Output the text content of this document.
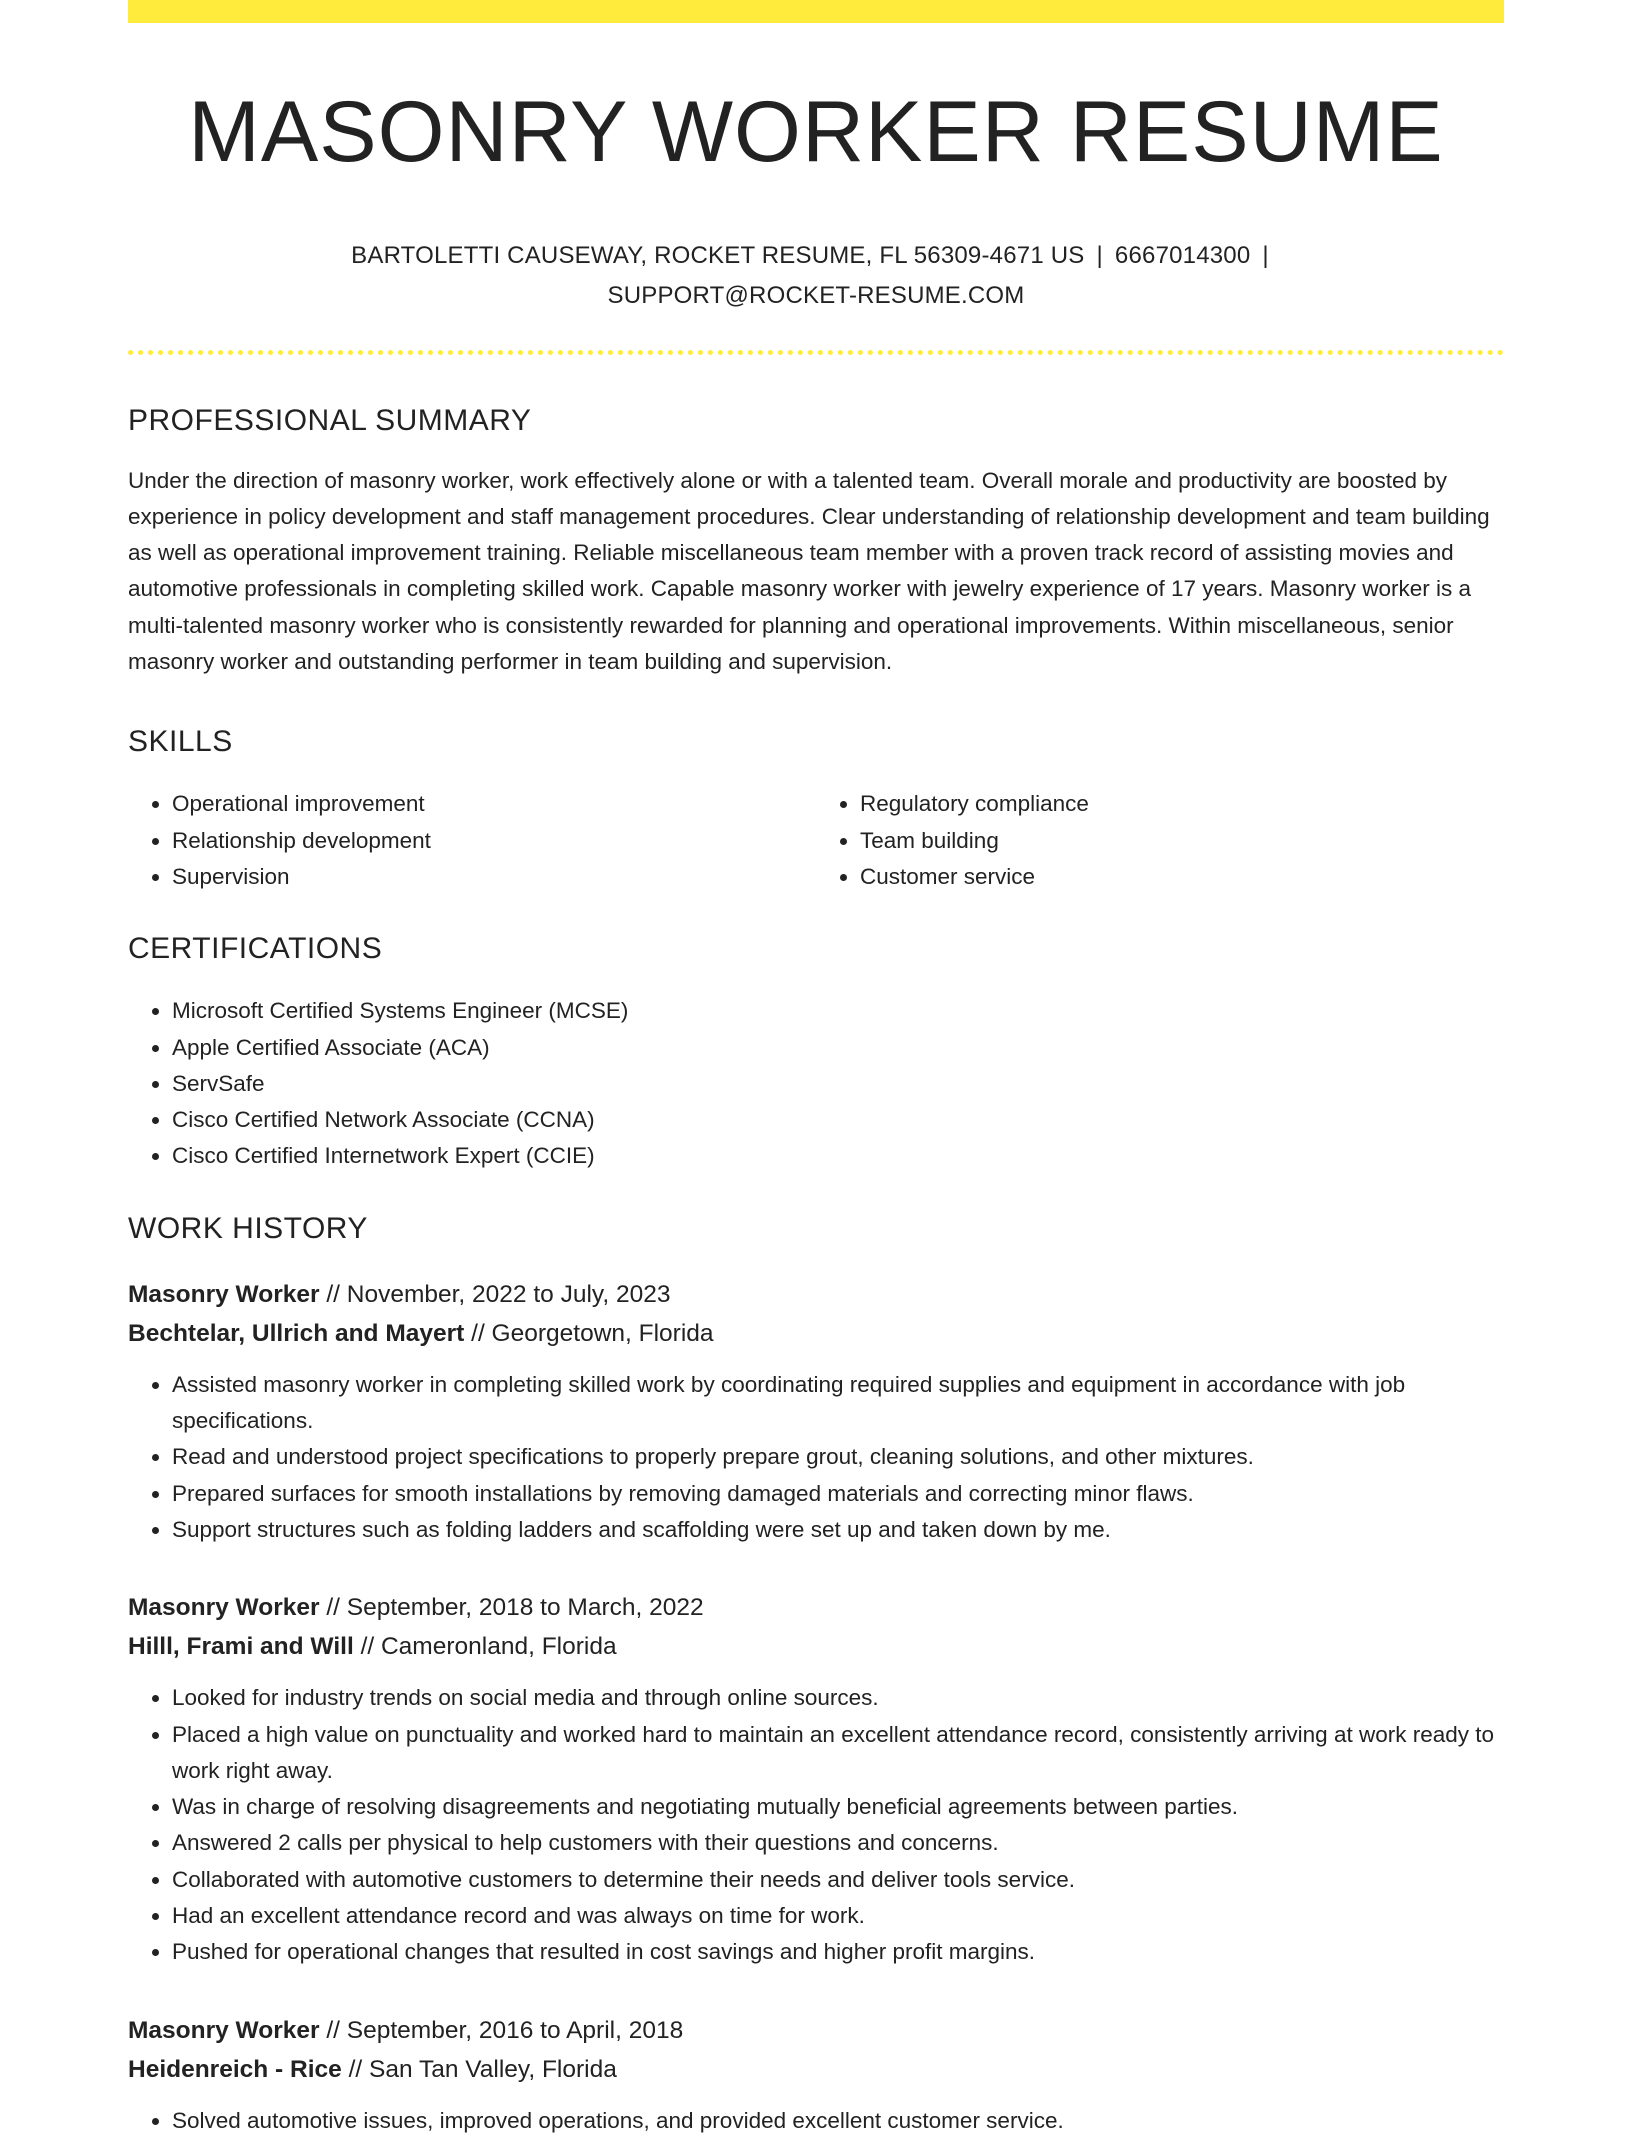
MASONRY WORKER RESUME
BARTOLETTI CAUSEWAY, ROCKET RESUME, FL 56309-4671 US | 6667014300 |
SUPPORT@ROCKET-RESUME.COM
PROFESSIONAL SUMMARY

Under the direction of masonry worker, work effectively alone or with a talented team. Overall morale and productivity are boosted by experience in policy development and staff management procedures. Clear understanding of relationship development and team building as well as operational improvement training. Reliable miscellaneous team member with a proven track record of assisting movies and automotive professionals in completing skilled work. Capable masonry worker with jewelry experience of 17 years. Masonry worker is a multi-talented masonry worker who is consistently rewarded for planning and operational improvements. Within miscellaneous, senior masonry worker and outstanding performer in team building and supervision.

SKILLS
• Operational improvement
• Relationship development
• Supervision
• Regulatory compliance
• Team building
• Customer service
CERTIFICATIONS
• Microsoft Certified Systems Engineer (MCSE)
• Apple Certified Associate (ACA)
• ServSafe
• Cisco Certified Network Associate (CCNA)
• Cisco Certified Internetwork Expert (CCIE)
WORK HISTORY
Masonry Worker // November, 2022 to July, 2023
Bechtelar, Ullrich and Mayert // Georgetown, Florida
• Assisted masonry worker in completing skilled work by coordinating required supplies and equipment in accordance with job specifications.
• Read and understood project specifications to properly prepare grout, cleaning solutions, and other mixtures.
• Prepared surfaces for smooth installations by removing damaged materials and correcting minor flaws.
• Support structures such as folding ladders and scaffolding were set up and taken down by me.
Masonry Worker // September, 2018 to March, 2022
Hilll, Frami and Will // Cameronland, Florida
• Looked for industry trends on social media and through online sources.
• Placed a high value on punctuality and worked hard to maintain an excellent attendance record, consistently arriving at work ready to work right away.
• Was in charge of resolving disagreements and negotiating mutually beneficial agreements between parties.
• Answered 2 calls per physical to help customers with their questions and concerns.
• Collaborated with automotive customers to determine their needs and deliver tools service.
• Had an excellent attendance record and was always on time for work.
• Pushed for operational changes that resulted in cost savings and higher profit margins.
Masonry Worker // September, 2016 to April, 2018
Heidenreich - Rice // San Tan Valley, Florida
• Solved automotive issues, improved operations, and provided excellent customer service.
